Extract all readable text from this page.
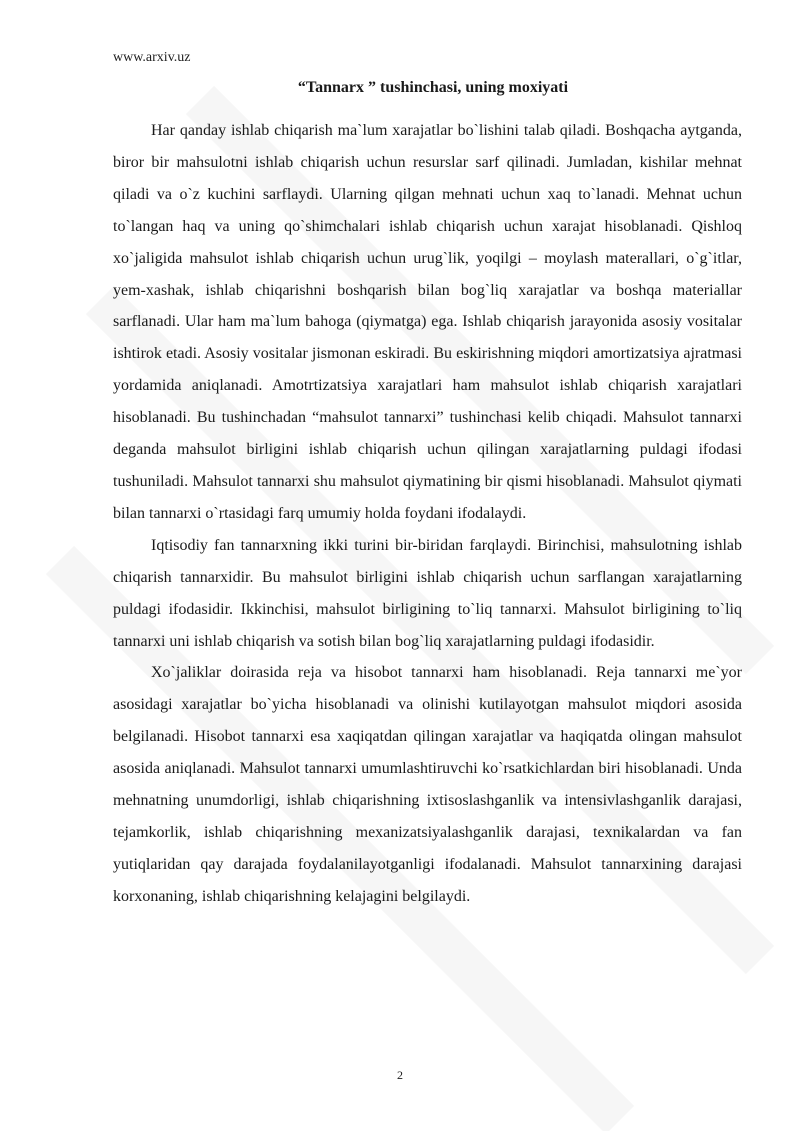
www.arxiv.uz

“Tannarx ” tushinchasi, uning moxiyati

Har qanday ishlab chiqarish ma`lum xarajatlar bo`lishini talab qiladi. Boshqacha aytganda, biror bir mahsulotni ishlab chiqarish uchun resurslar sarf qilinadi. Jumladan, kishilar mehnat qiladi va o`z kuchini sarflaydi. Ularning qilgan mehnati uchun xaq to`lanadi. Mehnat uchun to`langan haq va uning qo`shimchalari ishlab chiqarish uchun xarajat hisoblanadi. Qishloq xo`jaligida mahsulot ishlab chiqarish uchun urug`lik, yoqilgi – moylash materallari, o`g`itlar, yem-xashak, ishlab chiqarishni boshqarish bilan bog`liq xarajatlar va boshqa materiallar sarflanadi. Ular ham ma`lum bahoga (qiymatga) ega. Ishlab chiqarish jarayonida asosiy vositalar ishtirok etadi. Asosiy vositalar jismonan eskiradi. Bu eskirishning miqdori amortizatsiya ajratmasi yordamida aniqlanadi. Amotrtizatsiya xarajatlari ham mahsulot ishlab chiqarish xarajatlari hisoblanadi. Bu tushinchadan “mahsulot tannarxi” tushinchasi kelib chiqadi. Mahsulot tannarxi deganda mahsulot birligini ishlab chiqarish uchun qilingan xarajatlarning puldagi ifodasi tushuniladi. Mahsulot tannarxi shu mahsulot qiymatining bir qismi hisoblanadi. Mahsulot qiymati bilan tannarxi o`rtasidagi farq umumiy holda foydani ifodalaydi.

Iqtisodiy fan tannarxning ikki turini bir-biridan farqlaydi. Birinchisi, mahsulotning ishlab chiqarish tannarxidir. Bu mahsulot birligini ishlab chiqarish uchun sarflangan xarajatlarning puldagi ifodasidir. Ikkinchisi, mahsulot birligining to`liq tannarxi. Mahsulot birligining to`liq tannarxi uni ishlab chiqarish va sotish bilan bog`liq xarajatlarning puldagi ifodasidir.

Xo`jaliklar doirasida reja va hisobot tannarxi ham hisoblanadi. Reja tannarxi me`yor asosidagi xarajatlar bo`yicha hisoblanadi va olinishi kutilayotgan mahsulot miqdori asosida belgilanadi. Hisobot tannarxi esa xaqiqatdan qilingan xarajatlar va haqiqatda olingan mahsulot asosida aniqlanadi. Mahsulot tannarxi umumlashtiruvchi ko`rsatkichlardan biri hisoblanadi. Unda mehnatning unumdorligi, ishlab chiqarishning ixtisoslashganlik va intensivlashganlik darajasi, tejamkorlik, ishlab chiqarishning mexanizatsiyalashganlik darajasi, texnikalardan va fan yutiqlaridan qay darajada foydalanilayotganligi ifodalanadi. Mahsulot tannarxining darajasi korxonaning, ishlab chiqarishning kelajagini belgilaydi.

2
